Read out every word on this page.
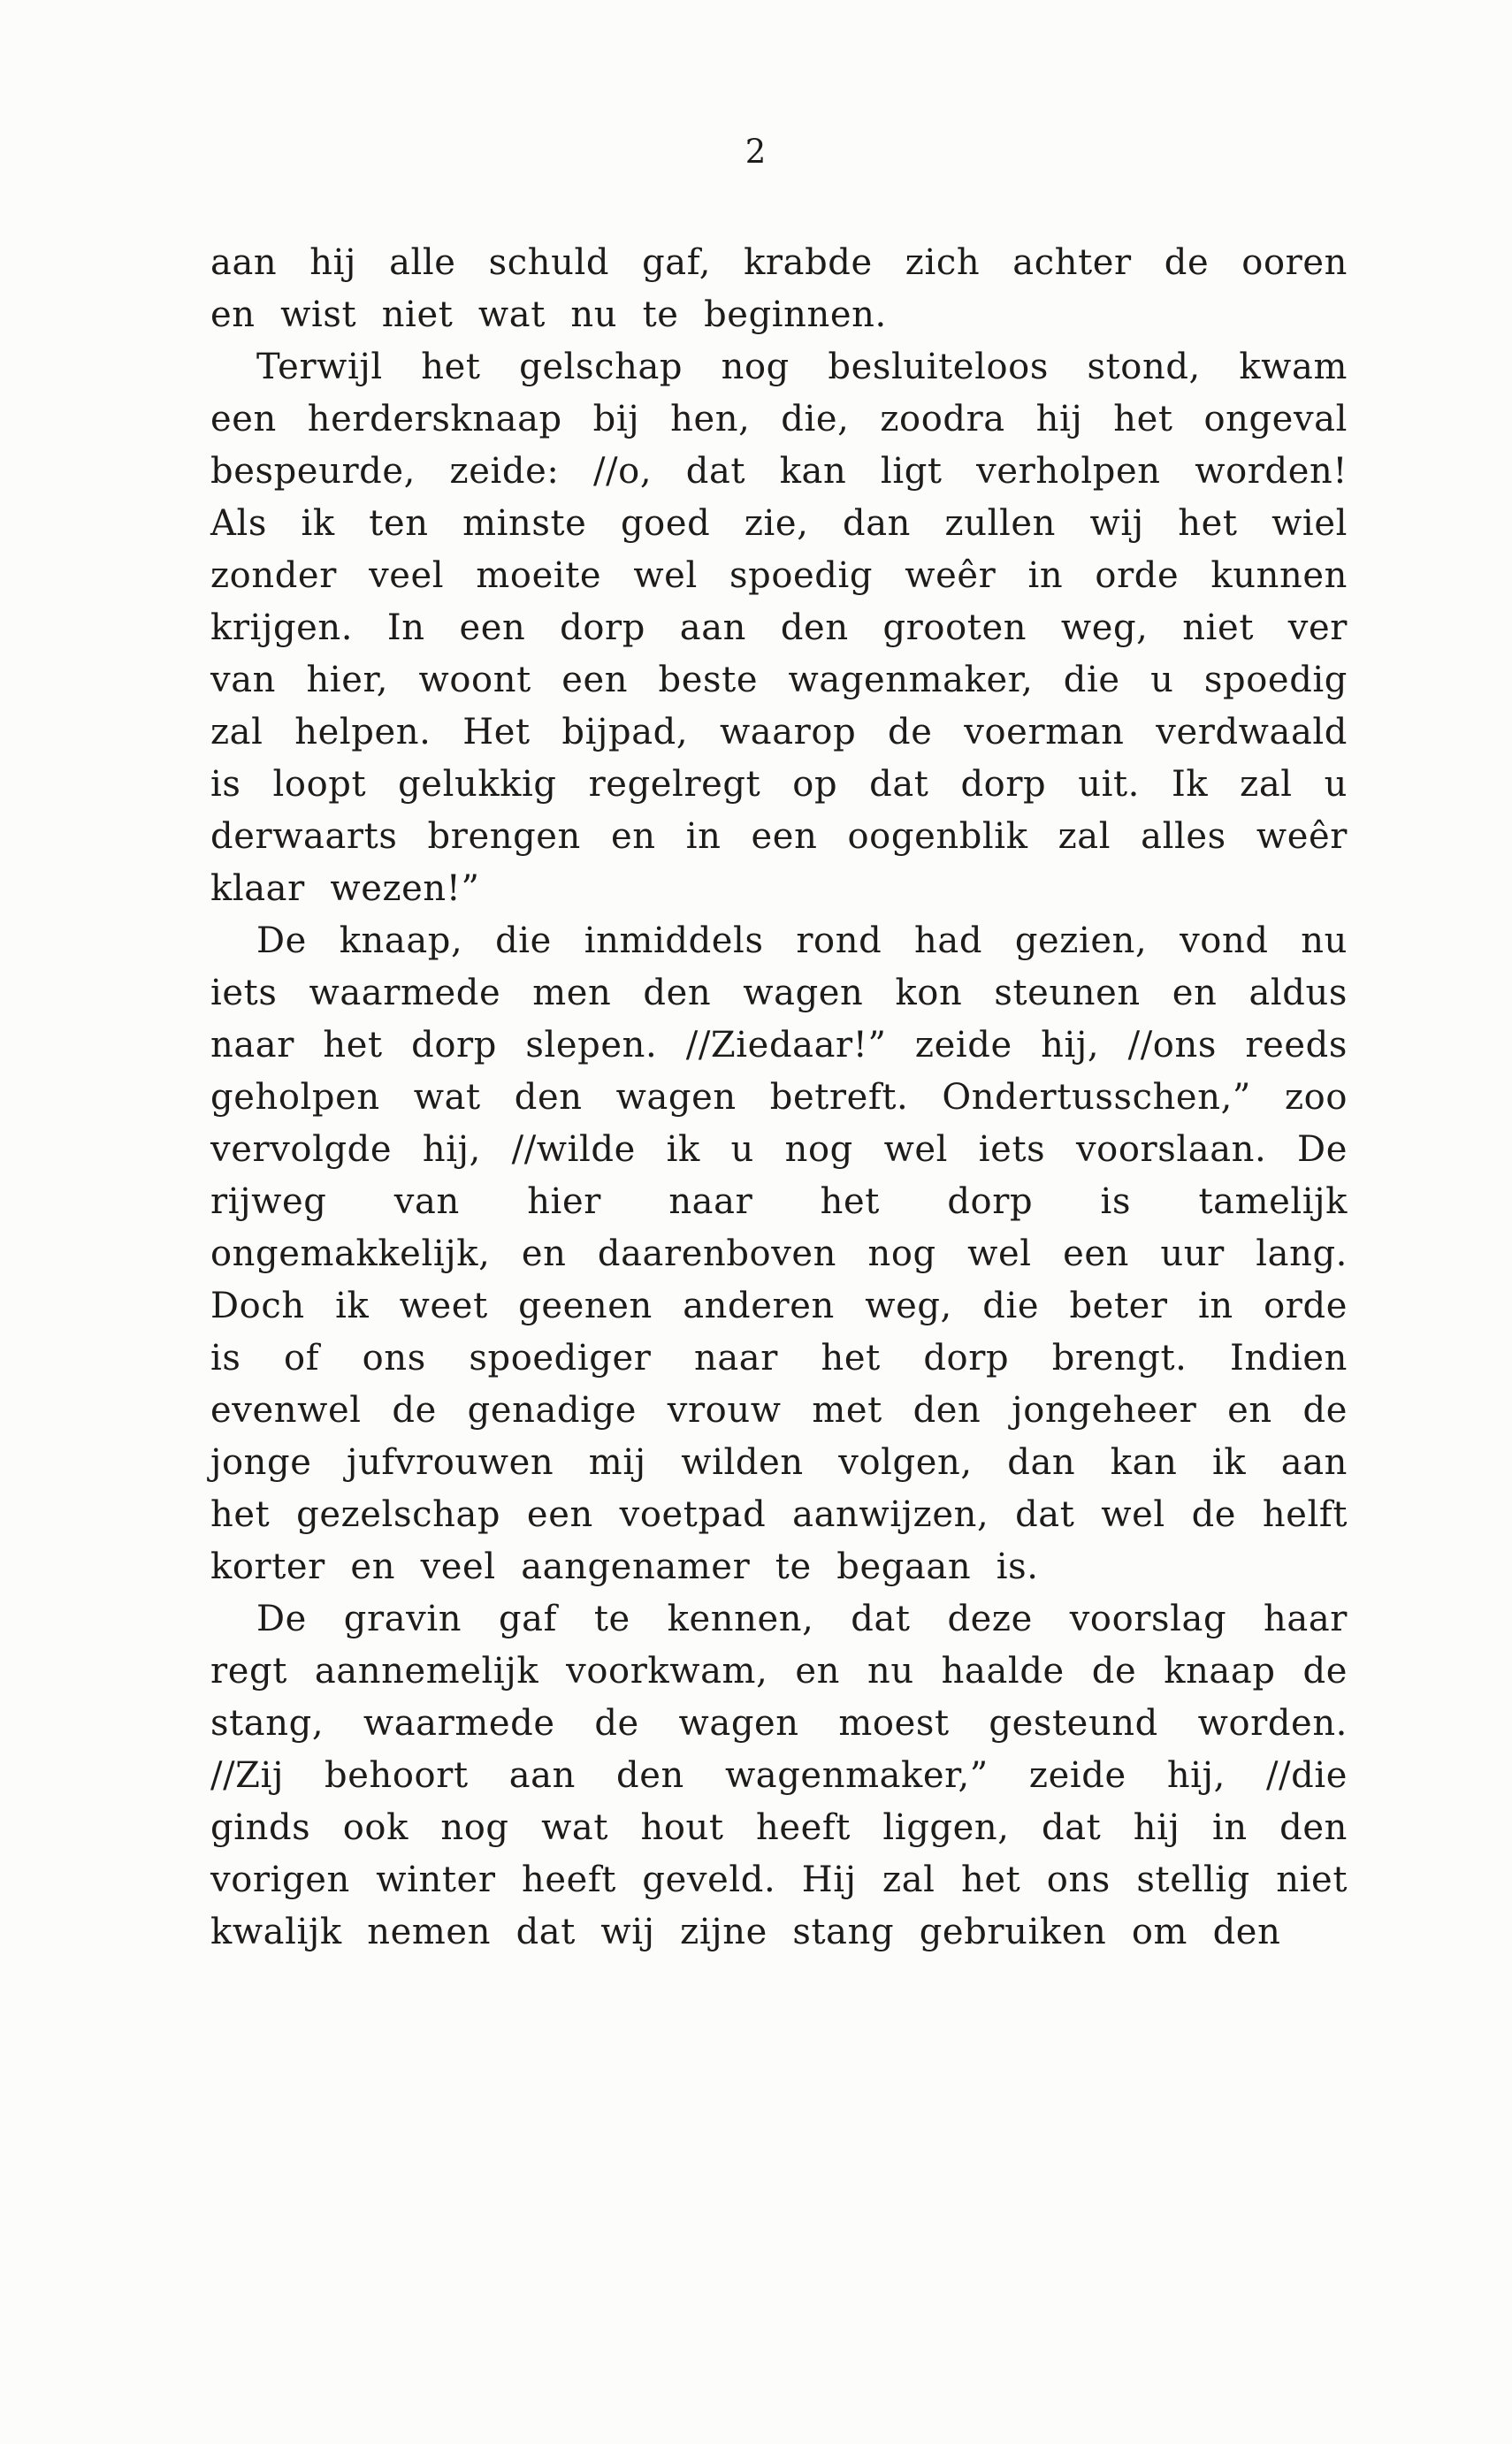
2

aan hij alle schuld gaf, krabde zich achter de ooren en wist niet wat nu te beginnen.

Terwijl het gelschap nog besluiteloos stond, kwam een herdersknaap bij hen, die, zoodra hij het ongeval bespeurde, zeide: //o, dat kan ligt verholpen worden! Als ik ten minste goed zie, dan zullen wij het wiel zonder veel moeite wel spoedig weêr in orde kunnen krijgen. In een dorp aan den grooten weg, niet ver van hier, woont een beste wagenmaker, die u spoedig zal helpen. Het bijpad, waarop de voerman verdwaald is loopt gelukkig regelregt op dat dorp uit. Ik zal u derwaarts brengen en in een oogenblik zal alles weêr klaar wezen!”

De knaap, die inmiddels rond had gezien, vond nu iets waarmede men den wagen kon steunen en aldus naar het dorp slepen. //Ziedaar!” zeide hij, //ons reeds geholpen wat den wagen betreft. Ondertusschen,” zoo vervolgde hij, //wilde ik u nog wel iets voorslaan. De rijweg van hier naar het dorp is tamelijk ongemakkelijk, en daarenboven nog wel een uur lang. Doch ik weet geenen anderen weg, die beter in orde is of ons spoediger naar het dorp brengt. Indien evenwel de genadige vrouw met den jongeheer en de jonge jufvrouwen mij wilden volgen, dan kan ik aan het gezelschap een voetpad aanwijzen, dat wel de helft korter en veel aangenamer te begaan is.

De gravin gaf te kennen, dat deze voorslag haar regt aannemelijk voorkwam, en nu haalde de knaap de stang, waarmede de wagen moest gesteund worden. //Zij behoort aan den wagenmaker,” zeide hij, //die ginds ook nog wat hout heeft liggen, dat hij in den vorigen winter heeft geveld. Hij zal het ons stellig niet kwalijk nemen dat wij zijne stang gebruiken om den
